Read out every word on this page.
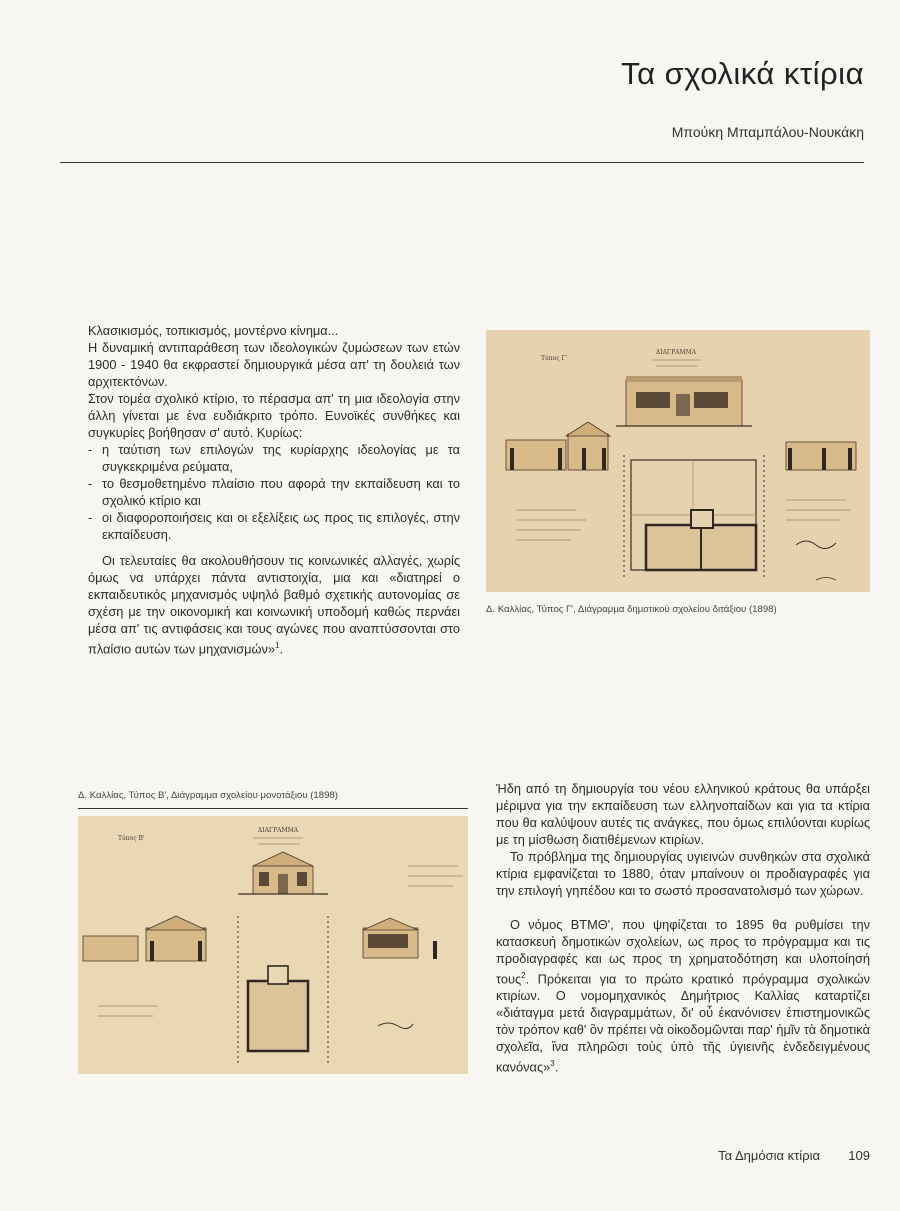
Τα σχολικά κτίρια
Μπούκη Μπαμπάλου-Νουκάκη

Κλασικισμός, τοπικισμός, μοντέρνο κίνημα...

Η δυναμική αντιπαράθεση των ιδεολογικών ζυμώσεων των ετών 1900 - 1940 θα εκφραστεί δημιουργικά μέσα απ' τη δουλειά των αρχιτεκτόνων.

Στον τομέα σχολικό κτίριο, το πέρασμα απ' τη μια ιδεολογία στην άλλη γίνεται με ένα ευδιάκριτο τρόπο. Ευνοϊκές συνθήκες και συγκυρίες βοήθησαν σ' αυτό. Κυρίως:

- η ταύτιση των επιλογών της κυρίαρχης ιδεολογίας με τα συγκεκριμένα ρεύματα,
- το θεσμοθετημένο πλαίσιο που αφορά την εκπαίδευση και το σχολικό κτίριο και
- οι διαφοροποιήσεις και οι εξελίξεις ως προς τις επιλογές, στην εκπαίδευση.

Οι τελευταίες θα ακολουθήσουν τις κοινωνικές αλλαγές, χωρίς όμως να υπάρχει πάντα αντιστοιχία, μια και «διατηρεί ο εκπαιδευτικός μηχανισμός υψηλό βαθμό σχετικής αυτονομίας σε σχέση με την οικονομική και κοινωνική υποδομή καθώς περνάει μέσα απ' τις αντιφάσεις και τους αγώνες που αναπτύσσονται στο πλαίσιο αυτών των μηχανισμών»$^1$.

Τύπος Γ'
ΔΙΑΓΡΑΜΜΑ
Δ. Καλλίας, Τύπος Γ', Διάγραμμα δημοτικού σχολείου διτάξιου (1898)
Δ. Καλλίας, Τύπος Β', Διάγραμμα σχολείου μονοτάξιου (1898)
Τύπος Β'
ΔΙΑΓΡΑΜΜΑ

Ήδη από τη δημιουργία του νέου ελληνικού κράτους θα υπάρξει μέριμνα για την εκπαίδευση των ελληνοπαίδων και για τα κτίρια που θα καλύψουν αυτές τις ανάγκες, που όμως επιλύονται κυρίως με τη μίσθωση διατιθέμενων κτιρίων.

Το πρόβλημα της δημιουργίας υγιεινών συνθηκών στα σχολικά κτίρια εμφανίζεται το 1880, όταν μπαίνουν οι προδιαγραφές για την επιλογή γηπέδου και το σωστό προσανατολισμό των χώρων.

Ο νόμος ΒΤΜΘ', που ψηφίζεται το 1895 θα ρυθμίσει την κατασκευή δημοτικών σχολείων, ως προς το πρόγραμμα και τις προδιαγραφές και ως προς τη χρηματοδότηση και υλοποίησή τους$^2$. Πρόκειται για το πρώτο κρατικό πρόγραμμα σχολικών κτιρίων. Ο νομομηχανικός Δημήτριος Καλλίας καταρτίζει «διάταγμα μετά διαγραμμάτων, δι' οὗ ἐκανόνισεν ἐπιστημονικῶς τὸν τρόπον καθ' ὃν πρέπει νὰ οἰκοδομῶνται παρ' ἡμῖν τὰ δημοτικὰ σχολεῖα, ἵνα πληρῶσι τοὺς ὑπὸ τῆς ὑγιεινῆς ἐνδεδειγμένους κανόνας»$^3$.

Τα Δημόσια κτίρια 109
